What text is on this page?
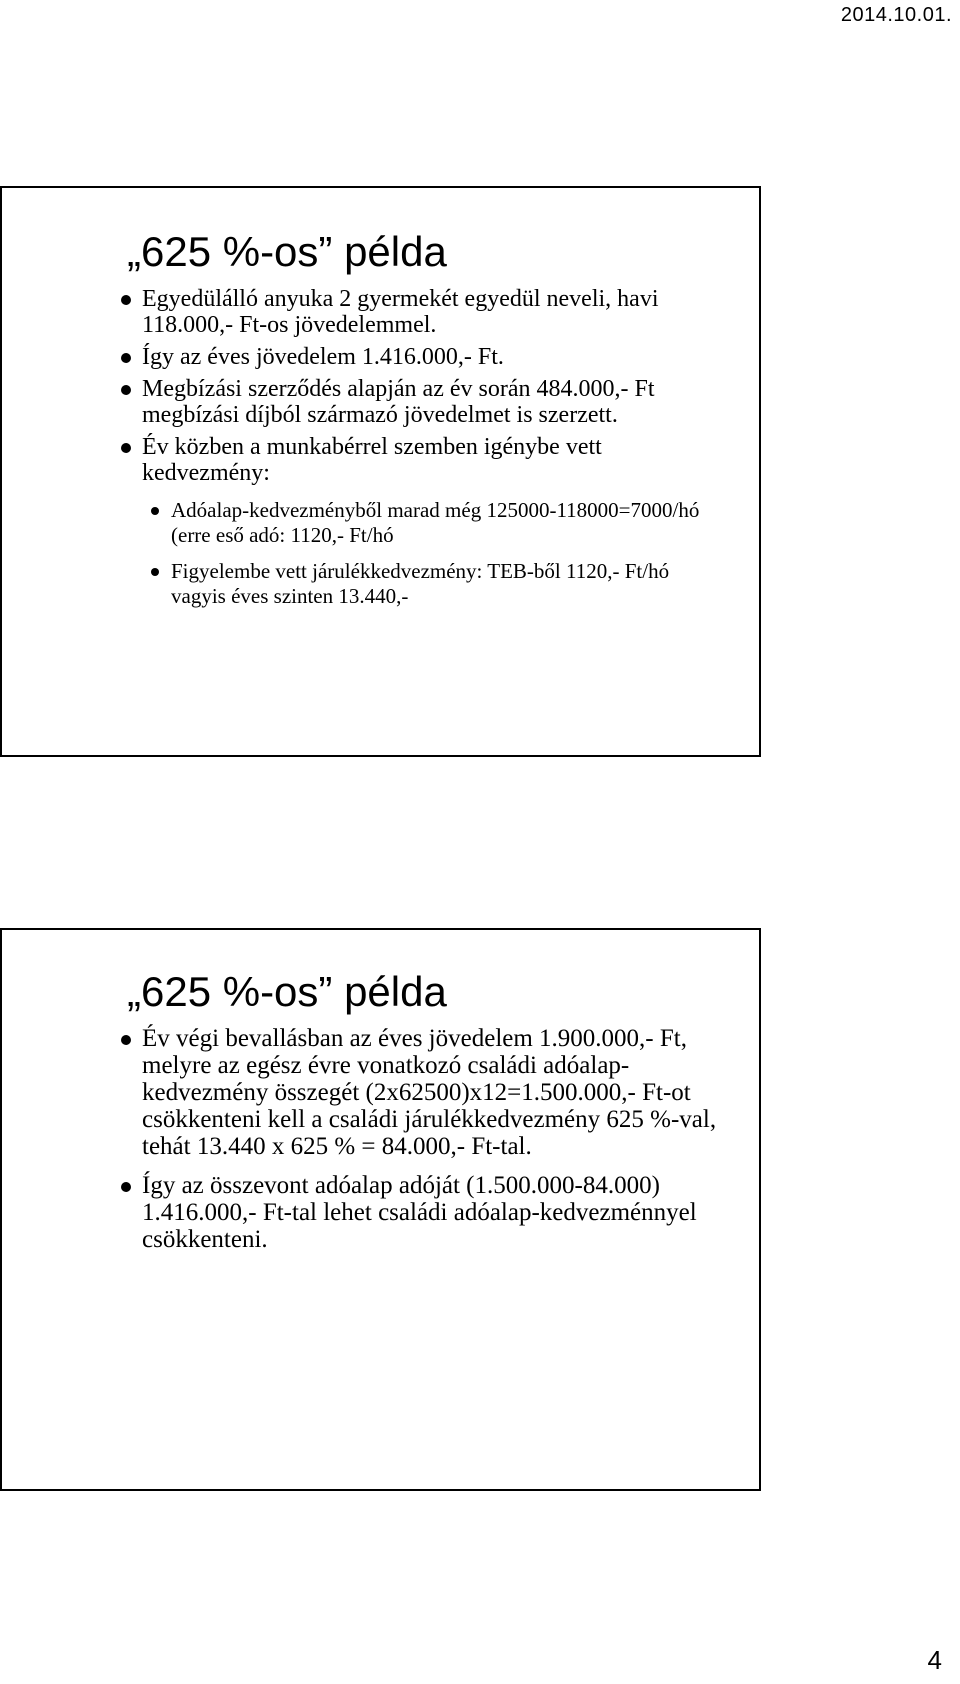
2014.10.01.
„625 %-os” példa
Egyedülálló anyuka 2 gyermekét egyedül neveli, havi 118.000,- Ft-os jövedelemmel.
Így az éves jövedelem 1.416.000,- Ft.
Megbízási szerződés alapján az év során 484.000,- Ft megbízási díjból származó jövedelmet is szerzett.
Év közben a munkabérrel szemben igénybe vett kedvezmény:
Adóalap-kedvezményből marad még 125000-118000=7000/hó (erre eső adó: 1120,- Ft/hó
Figyelembe vett járulékkedvezmény: TEB-ből 1120,- Ft/hó vagyis éves szinten 13.440,-
„625 %-os” példa
Év végi bevallásban az éves jövedelem 1.900.000,- Ft, melyre az egész évre vonatkozó családi adóalap-kedvezmény összegét (2x62500)x12=1.500.000,- Ft-ot csökkenteni kell a családi járulékkedvezmény 625 %-val, tehát 13.440 x 625 % = 84.000,- Ft-tal.
Így az összevont adóalap adóját (1.500.000-84.000) 1.416.000,- Ft-tal lehet családi adóalap-kedvezménnyel csökkenteni.
4
